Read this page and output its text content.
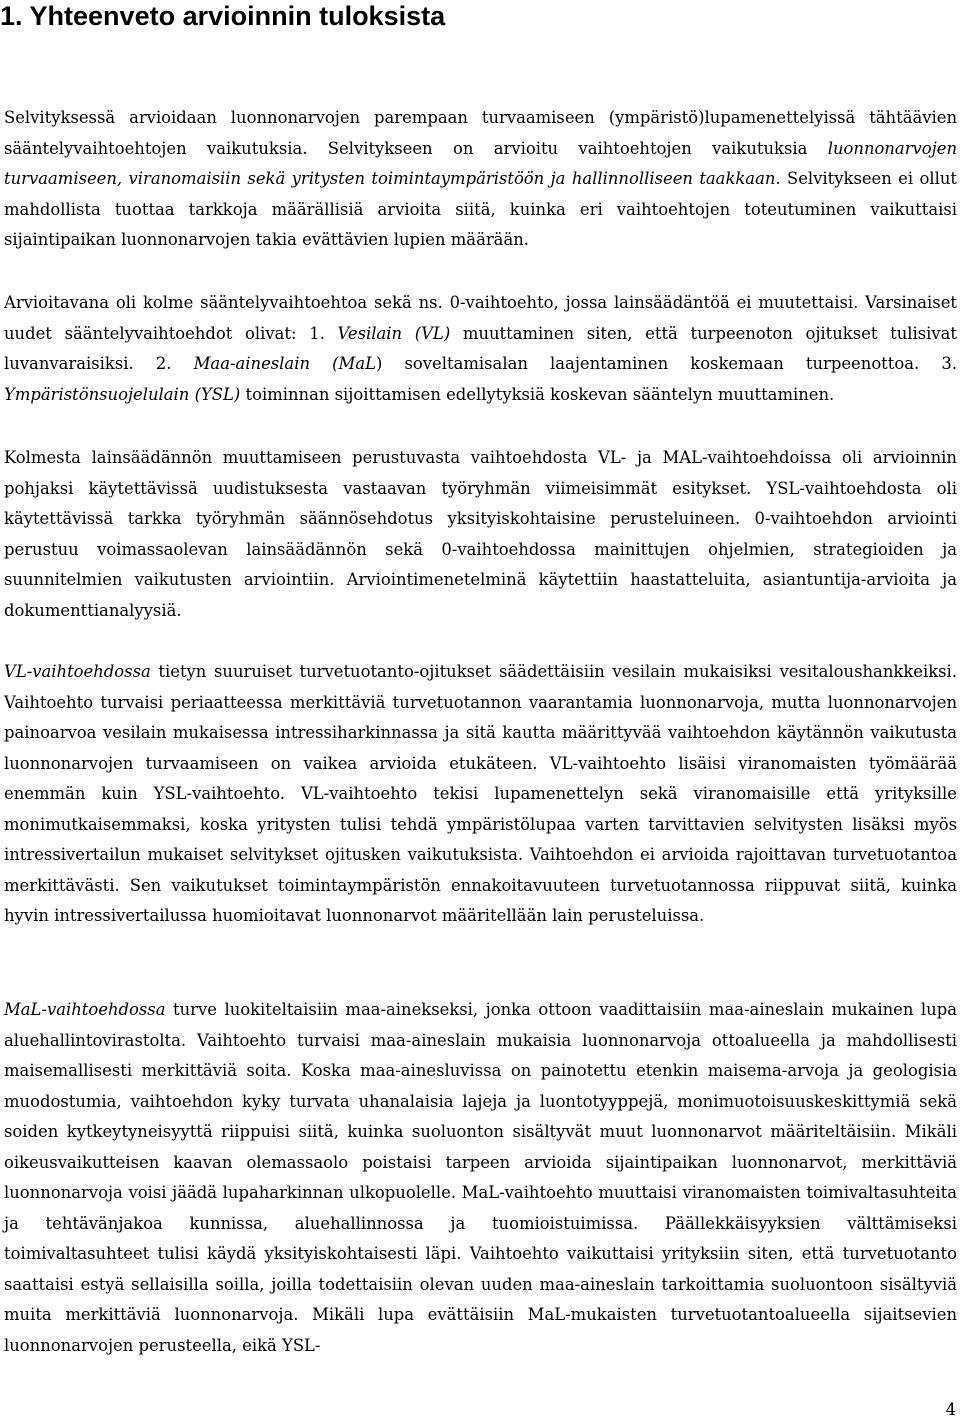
1. Yhteenveto arvioinnin tuloksista

Selvityksessä arvioidaan luonnonarvojen parempaan turvaamiseen (ympäristö)lupamenettelyissä tähtäävien sääntelyvaihtoehtojen vaikutuksia. Selvitykseen on arvioitu vaihtoehtojen vaikutuksia luonnonarvojen turvaamiseen, viranomaisiin sekä yritysten toimintaympäristöön ja hallinnolliseen taakkaan. Selvitykseen ei ollut mahdollista tuottaa tarkkoja määrällisiä arvioita siitä, kuinka eri vaihtoehtojen toteutuminen vaikuttaisi sijaintipaikan luonnonarvojen takia evättävien lupien määrään.

Arvioitavana oli kolme sääntelyvaihtoehtoa sekä ns. 0-vaihtoehto, jossa lainsäädäntöä ei muutettaisi. Varsinaiset uudet sääntelyvaihtoehdot olivat: 1. Vesilain (VL) muuttaminen siten, että turpeenoton ojitukset tulisivat luvanvaraisiksi. 2. Maa-aineslain (MaL) soveltamisalan laajentaminen koskemaan turpeenottoa. 3. Ympäristönsuojelulain (YSL) toiminnan sijoittamisen edellytyksiä koskevan sääntelyn muuttaminen.

Kolmesta lainsäädännön muuttamiseen perustuvasta vaihtoehdosta VL- ja MAL-vaihtoehdoissa oli arvioinnin pohjaksi käytettävissä uudistuksesta vastaavan työryhmän viimeisimmät esitykset. YSL-vaihtoehdosta oli käytettävissä tarkka työryhmän säännösehdotus yksityiskohtaisine perusteluineen. 0-vaihtoehdon arviointi perustuu voimassaolevan lainsäädännön sekä 0-vaihtoehdossa mainittujen ohjelmien, strategioiden ja suunnitelmien vaikutusten arviointiin. Arviointimenetelminä käytettiin haastatteluita, asiantuntija-arvioita ja dokumenttianalyysiä.

VL-vaihtoehdossa tietyn suuruiset turvetuotanto-ojitukset säädettäisiin vesilain mukaisiksi vesitaloushankkeiksi. Vaihtoehto turvaisi periaatteessa merkittäviä turvetuotannon vaarantamia luonnonarvoja, mutta luonnonarvojen painoarvoa vesilain mukaisessa intressiharkinnassa ja sitä kautta määrittyvää vaihtoehdon käytännön vaikutusta luonnonarvojen turvaamiseen on vaikea arvioida etukäteen. VL-vaihtoehto lisäisi viranomaisten työmäärää enemmän kuin YSL-vaihtoehto. VL-vaihtoehto tekisi lupamenettelyn sekä viranomaisille että yrityksille monimutkaisemmaksi, koska yritysten tulisi tehdä ympäristölupaa varten tarvittavien selvitysten lisäksi myös intressivertailun mukaiset selvitykset ojitusken vaikutuksista. Vaihtoehdon ei arvioida rajoittavan turvetuotantoa merkittävästi. Sen vaikutukset toimintaympäristön ennakoitavuuteen turvetuotannossa riippuvat siitä, kuinka hyvin intressivertailussa huomioitavat luonnonarvot määritellään lain perusteluissa.

MaL-vaihtoehdossa turve luokiteltaisiin maa-ainekseksi, jonka ottoon vaadittaisiin maa-aineslain mukainen lupa aluehallintovirastolta. Vaihtoehto turvaisi maa-aineslain mukaisia luonnonarvoja ottoalueella ja mahdollisesti maisemallisesti merkittäviä soita. Koska maa-ainesluvissa on painotettu etenkin maisema-arvoja ja geologisia muodostumia, vaihtoehdon kyky turvata uhanalaisia lajeja ja luontotyyppejä, monimuotoisuuskeskittymiä sekä soiden kytkeytyneisyyttä riippuisi siitä, kuinka suoluonton sisältyvät muut luonnonarvot määriteltäisiin. Mikäli oikeusvaikutteisen kaavan olemassaolo poistaisi tarpeen arvioida sijaintipaikan luonnonarvot, merkittäviä luonnonarvoja voisi jäädä lupaharkinnan ulkopuolelle. MaL-vaihtoehto muuttaisi viranomaisten toimivaltasuhteita ja tehtävänjakoa kunnissa, aluehallinnossa ja tuomioistuimissa. Päällekkäisyyksien välttämiseksi toimivaltasuhteet tulisi käydä yksityiskohtaisesti läpi. Vaihtoehto vaikuttaisi yrityksiin siten, että turvetuotanto saattaisi estyä sellaisilla soilla, joilla todettaisiin olevan uuden maa-aineslain tarkoittamia suoluontoon sisältyviä muita merkittäviä luonnonarvoja. Mikäli lupa evättäisiin MaL-mukaisten turvetuotantoalueella sijaitsevien luonnonarvojen perusteella, eikä YSL-

4
